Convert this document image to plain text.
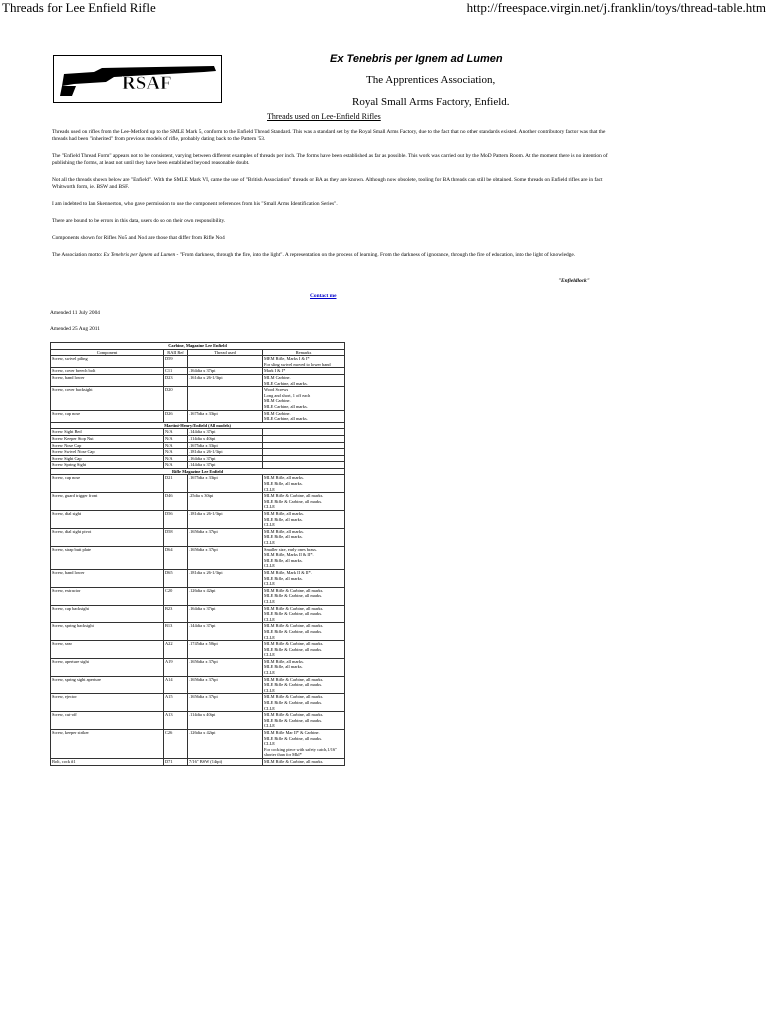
Threads for Lee Enfield Rifle	http://freespace.virgin.net/j.franklin/toys/thread-table.htm
RSAF
Ex Tenebris per Ignem ad Lumen
The Apprentices Association,
Royal Small Arms Factory, Enfield.
Threads used on Lee-Enfield Rifles
Threads used on rifles from the Lee-Metford up to the SMLE Mark 5, conform to the Enfield Thread Standard. This was a standard set by the Royal Small Arms Factory, due to the fact that no other standards existed. Another contributory factor was that the threads had been "inherited" from previous models of rifle, probably dating back to the Pattern '53.
The "Enfield Thread Form" appears not to be consistent, varying between different examples of threads per inch. The forms have been established as far as possible. This work was carried out by the MoD Pattern Room. At the moment there is no intention of publishing the forms, at least not until they have been established beyond reasonable doubt.
Not all the threads shown below are "Enfield". With the SMLE Mark VI, came the use of "British Association" threads or BA as they are known. Although now obsolete, tooling for BA threads can still be obtained. Some threads on Enfield rifles are in fact Whitworth form, ie. BSW and BSF.
I am indebted to Ian Skennerton, who gave permission to use the component references from his "Small Arms Identification Series".
There are bound to be errors in this data, users do so on their own responsibility.
Components shown for Rifles No5 and No4 are those that differ from Rifle No4
The Association motto: Ex Tenebris per Ignem ad Lumen - "From darkness, through the fire, into the light". A representation on the process of learning. From the darkness of ignorance, through the fire of education, into the light of knowledge.
"Enfieldlock"
Contact me
Amended 11 July 2004
Amended 25 Aug 2011
Carbine, Magazine Lee Enfield			
Component	RAII Ref	Thread used	Remarks
Screw, swivel piling	D59		MEM Rifle, Marks I & I*
For sling swivel moved to lower band
Screw, cover breech bolt	C11	.164dia x 37tpi	Mark I & I*
Screw, band lower	D23	.161dia x 26-1/3tpi	MLM Carbine.
MLE Carbine, all marks.
Screw, cover backsight	D20		Wood Screws
Long and short, 1 off each
MLM Carbine.
MLE Carbine, all marks.
Screw, cap nose	D26	.1675dia x 33tpi	MLM Carbine.
MLE Carbine, all marks.
Martini-Henry/Enfield (All models)			
Screw Sight Bed	N/A	.144dia x 37tpi	
Screw Keeper Stop Nut	N/A	.114dia x 40tpi	
Screw Nose Cap	N/A	.1675dia x 33tpi	
Screw Swivel Nose Cap	N/A	.181dia x 26-1/3tpi	
Screw Sight Cap	N/A	.164dia x 37tpi	
Screw Spring Sight	N/A	.144dia x 37tpi	
Rifle Magazine Lee Enfield			
Screw, cap nose	D21	.1675dia x 33tpi	MLM Rifle, all marks.
MLE Rifle, all marks.
CLLE
Screw, guard trigger front	D46	.25dia x 30tpi	MLM Rifle & Carbine, all marks.
MLE Rifle & Carbine, all marks.
CLLE
Screw, dial sight	D56	.181dia x 26-1/3tpi	MLM Rifle, all marks.
MLE Rifle, all marks.
CLLE
Screw, dial sight pivot	D58	.1656dia x 37tpi	MLM Rifle, all marks.
MLE Rifle, all marks.
CLLE
Screw, strap butt plate	D64	.1656dia x 37tpi	Smaller size, early ones brass.
MLM Rifle, Marks II & II*.
MLE Rifle, all marks.
CLLE
Screw, band lower	D65	.181dia x 26-1/3tpi	MLM Rifle, Mark II & II*.
MLE Rifle, all marks.
CLLE
Screw, extractor	C20	.126dia x 42tpi	MLM Rifle & Carbine, all marks.
MLE Rifle & Carbine, all marks.
CLLE
Screw, cap backsight	B23	.164dia x 37tpi	MLM Rifle & Carbine, all marks.
MLE Rifle & Carbine, all marks.
CLLE
Screw, spring backsight	B13	.144dia x 37tpi	MLM Rifle & Carbine, all marks.
MLE Rifle & Carbine, all marks.
CLLE
Screw, sear	A22	.1745dia x 50tpi	MLM Rifle & Carbine, all marks.
MLE Rifle & Carbine, all marks.
CLLE
Screw, aperture sight	A19	.1656dia x 37tpi	MLM Rifle, all marks.
MLE Rifle, all marks.
CLLE
Screw, spring sight aperture	A14	.1656dia x 37tpi	MLM Rifle & Carbine, all marks.
MLE Rifle & Carbine, all marks.
CLLE
Screw, ejector	A15	.1656dia x 37tpi	MLM Rifle & Carbine, all marks.
MLE Rifle & Carbine, all marks.
CLLE
Screw, cut-off	A13	.114dia x 40tpi	MLM Rifle & Carbine, all marks.
MLE Rifle & Carbine, all marks.
CLLE
Screw, keeper striker	C26	.126dia x 42tpi	MLM Rifle Mar II* & Carbine.
MLE Rifle & Carbine, all marks.
CLLE
For cocking piece with safety catch,1/16" shorter than for MkI*
Bolt, cock #1	D71	7/16" BSW (14tpi)	MLM Rifle & Carbine, all marks.
